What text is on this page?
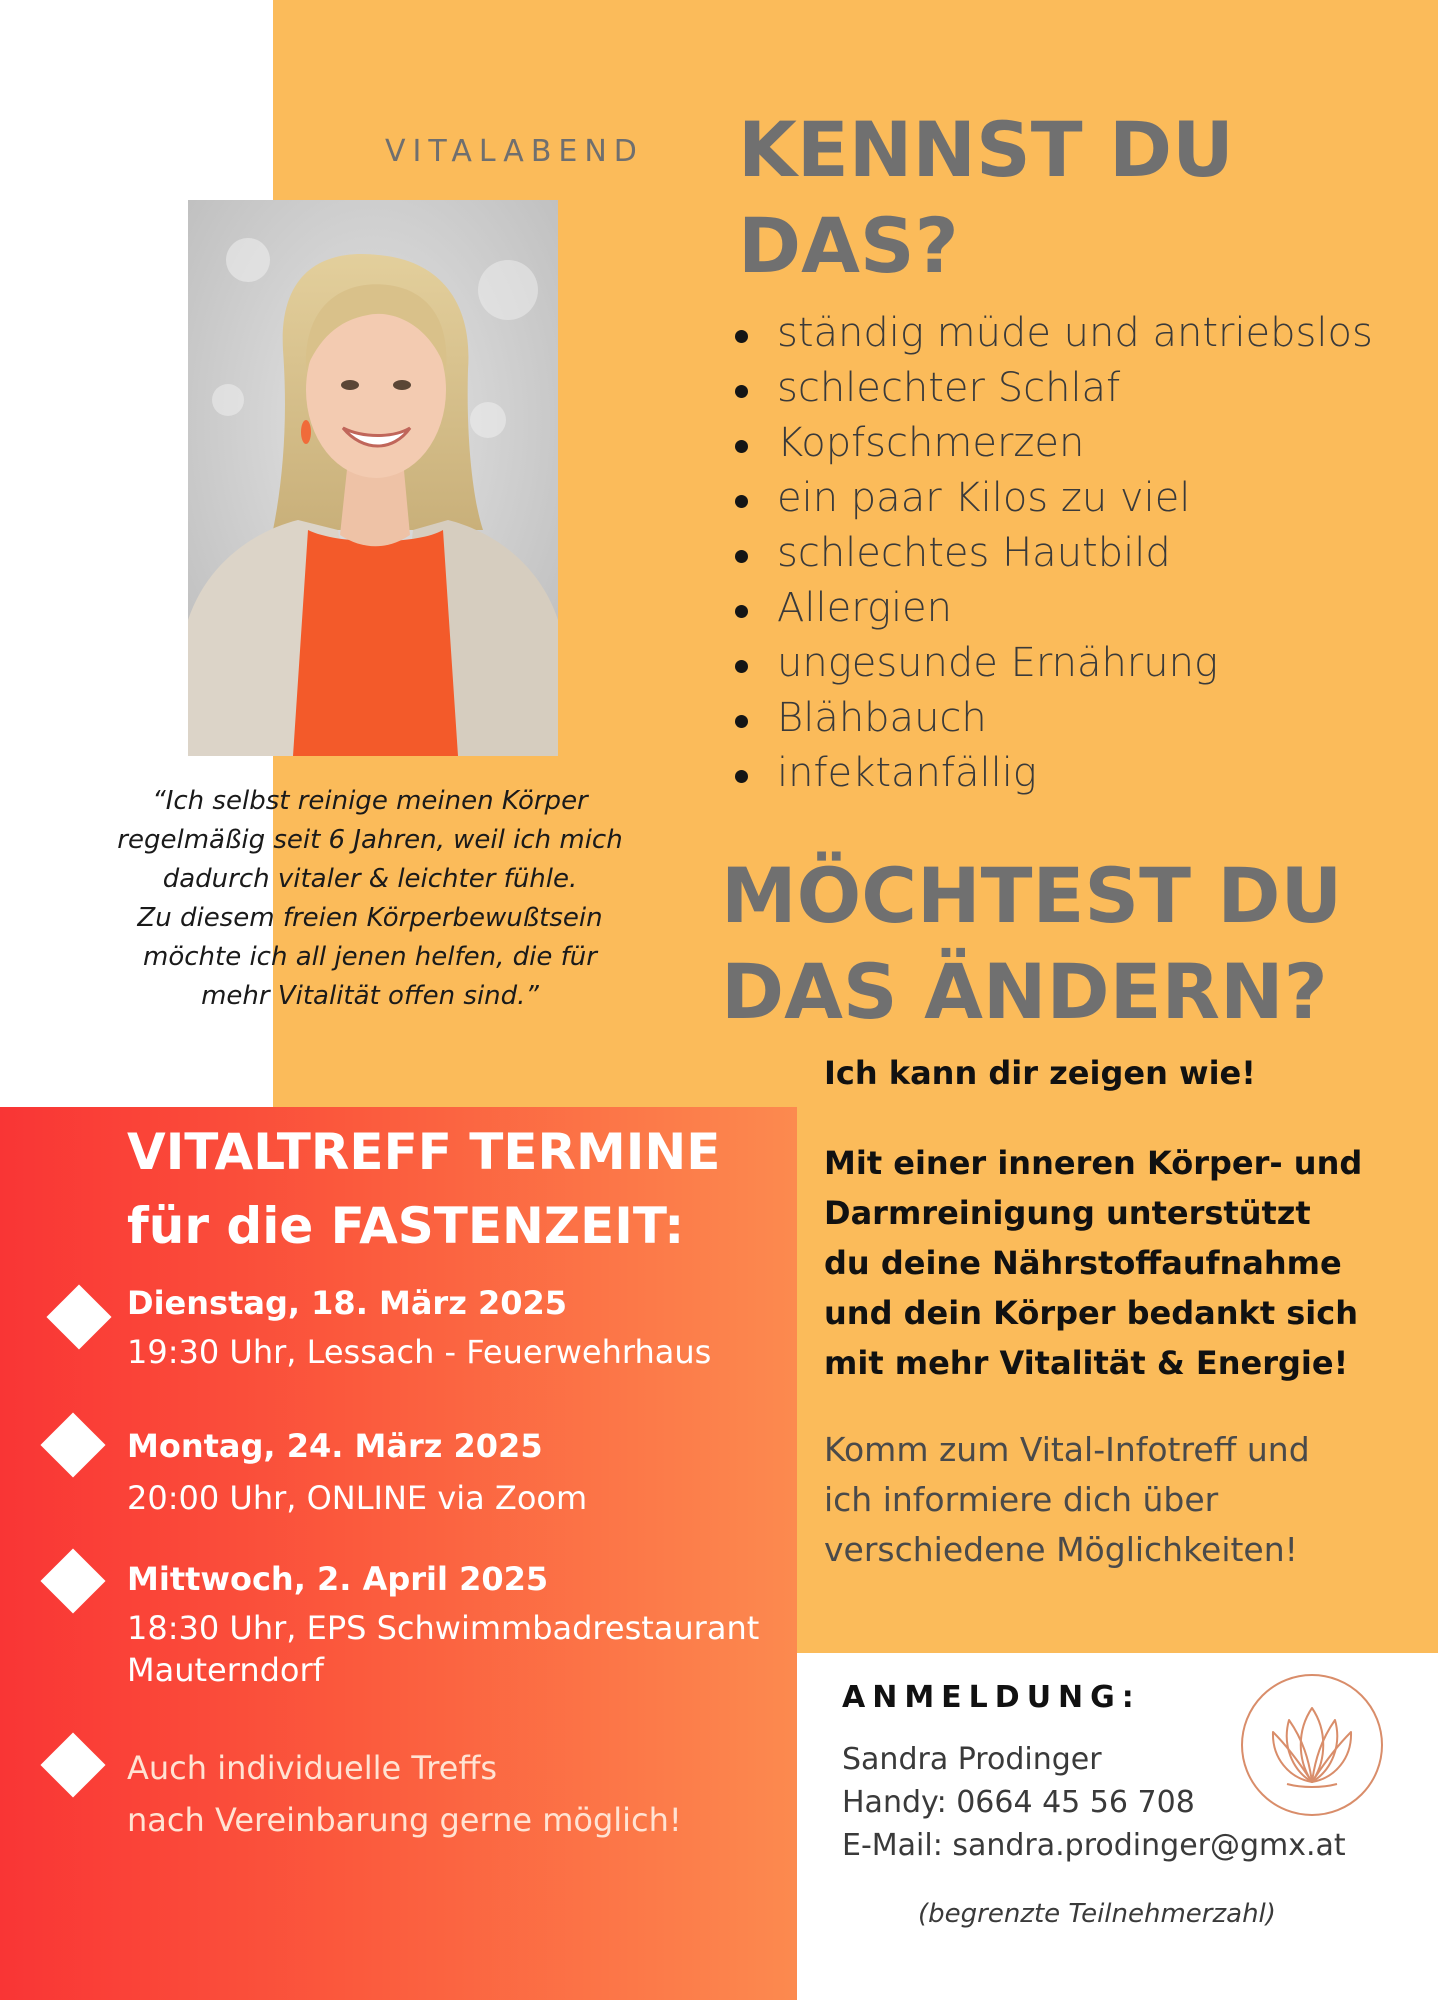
VITALABEND
“Ich selbst reinige meinen Körper
regelmäßig seit 6 Jahren, weil ich mich
dadurch vitaler & leichter fühle.
Zu diesem freien Körperbewußtsein
möchte ich all jenen helfen, die für
mehr Vitalität offen sind.”
KENNST DU
DAS?
ständig müde und antriebslos
schlechter Schlaf
Kopfschmerzen
ein paar Kilos zu viel
schlechtes Hautbild
Allergien
ungesunde Ernährung
Blähbauch
infektanfällig
MÖCHTEST DU
DAS ÄNDERN?
Ich kann dir zeigen wie!
Mit einer inneren Körper- und
Darmreinigung unterstützt
du deine Nährstoffaufnahme
und dein Körper bedankt sich
mit mehr Vitalität & Energie!
Komm zum Vital-Infotreff und
ich informiere dich über
verschiedene Möglichkeiten!
VITALTREFF TERMINE
für die FASTENZEIT:
Dienstag, 18. März 2025
19:30 Uhr, Lessach - Feuerwehrhaus
Montag, 24. März 2025
20:00 Uhr, ONLINE via Zoom
Mittwoch, 2. April 2025
18:30 Uhr, EPS Schwimmbadrestaurant
Mauterndorf
Auch individuelle Treffs
nach Vereinbarung gerne möglich!
ANMELDUNG:
Sandra Prodinger
Handy: 0664 45 56 708
E-Mail: sandra.prodinger@gmx.at
(begrenzte Teilnehmerzahl)
